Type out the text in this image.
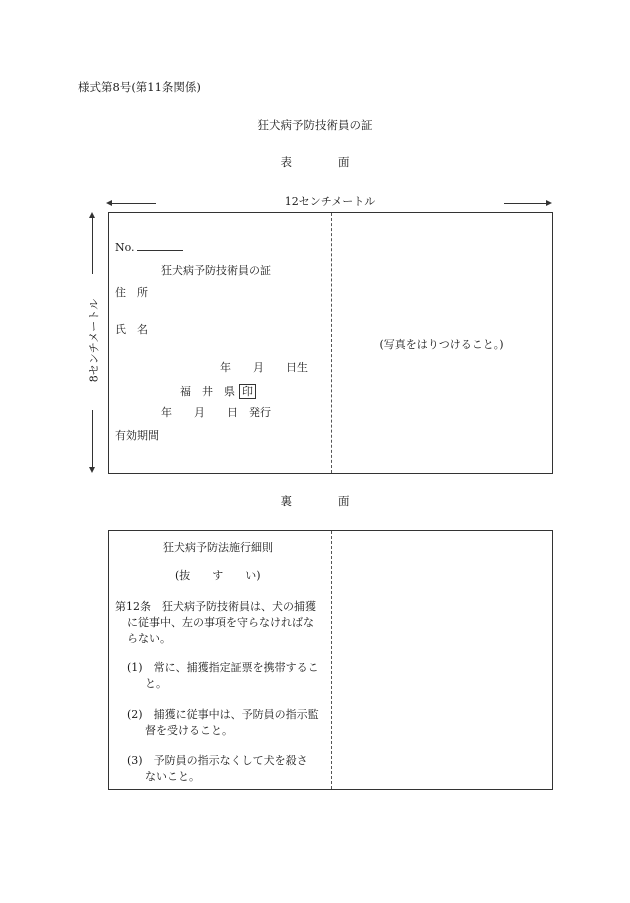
様式第8号(第11条関係)
狂犬病予防技術員の証
表　　　　面
12センチメートル
8センチメートル
No.
狂犬病予防技術員の証
住　所
氏　名
年　　月　　日生
福　井　県 印
年　　月　　日　発行
有効期間
(写真をはりつけること。)
裏　　　　面
狂犬病予防法施行細則
(抜　　す　　い)
第12条　狂犬病予防技術員は、犬の捕獲
に従事中、左の事項を守らなければな
らない。
(1)　常に、捕獲指定証票を携帯するこ
と。
(2)　捕獲に従事中は、予防員の指示監
督を受けること。
(3)　予防員の指示なくして犬を殺さ
ないこと。
